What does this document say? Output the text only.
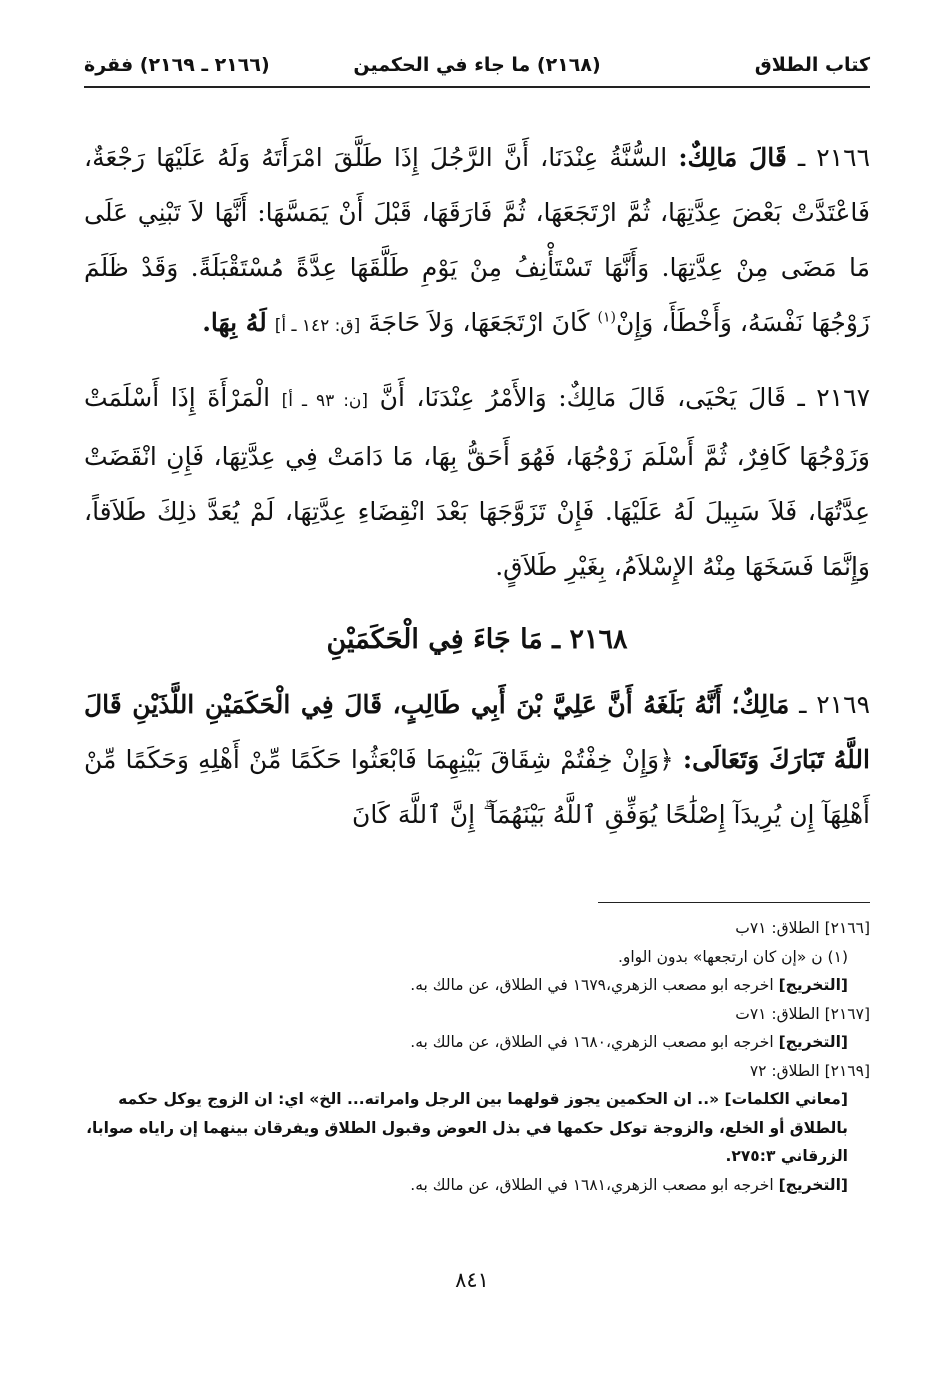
كتاب الطلاق
(٢١٦٨) ما جاء في الحكمين
(٢١٦٦ ـ ٢١٦٩) فقرة

٢١٦٦ ـ قَالَ مَالِكٌ: السُّنَّةُ عِنْدَنَا، أَنَّ الرَّجُلَ إِذَا طَلَّقَ امْرَأَتَهُ وَلَهُ عَلَيْهَا رَجْعَةٌ، فَاعْتَدَّتْ بَعْضَ عِدَّتِهَا، ثُمَّ ارْتَجَعَهَا، ثُمَّ فَارَقَهَا، قَبْلَ أَنْ يَمَسَّهَا: أَنَّهَا لاَ تَبْنِي عَلَى مَا مَضَى مِنْ عِدَّتِهَا. وَأَنَّهَا تَسْتَأْنِفُ مِنْ يَوْمِ طَلَّقَهَا عِدَّةً مُسْتَقْبَلَةً. وَقَدْ ظَلَمَ زَوْجُهَا نَفْسَهُ، وَأَخْطَأَ، وَإِنْ$^{(١)}$ كَانَ ارْتَجَعَهَا، وَلاَ حَاجَةَ [ق: ١٤٢ ـ أ] لَهُ بِهَا.

٢١٦٧ ـ قَالَ يَحْيَى، قَالَ مَالِكٌ: وَالأَمْرُ عِنْدَنَا، أَنَّ [ن: ٩٣ ـ أ] الْمَرْأَةَ إِذَا أَسْلَمَتْ وَزَوْجُهَا كَافِرٌ، ثُمَّ أَسْلَمَ زَوْجُهَا، فَهُوَ أَحَقُّ بِهَا، مَا دَامَتْ فِي عِدَّتِهَا، فَإِنِ انْقَضَتْ عِدَّتُهَا، فَلاَ سَبِيلَ لَهُ عَلَيْهَا. فَإِنْ تَزَوَّجَهَا بَعْدَ انْقِضَاءِ عِدَّتِهَا، لَمْ يُعَدَّ ذلِكَ طَلاَقاً، وَإِنَّمَا فَسَخَهَا مِنْهُ الإِسْلاَمُ، بِغَيْرِ طَلاَقٍ.

٢١٦٨ ـ مَا جَاءَ فِي الْحَكَمَيْنِ

٢١٦٩ ـ مَالِكٌ؛ أَنَّهُ بَلَغَهُ أَنَّ عَلِيَّ بْنَ أَبِي طَالِبٍ، قَالَ فِي الْحَكَمَيْنِ اللَّذَيْنِ قَالَ اللَّهُ تَبَارَكَ وَتَعَالَى: ﴿وَإِنْ خِفْتُمْ شِقَاقَ بَيْنِهِمَا فَابْعَثُوا حَكَمًا مِّنْ أَهْلِهِ وَحَكَمًا مِّنْ أَهْلِهَآ إِن يُرِيدَآ إِصْلَٰحًا يُوَفِّقِ ٱللَّهُ بَيْنَهُمَآ ۗ إِنَّ ٱللَّهَ كَانَ

[٢١٦٦] الطلاق: ٧١ب

(١) ن «إن كان ارتجعها» بدون الواو.

[التخريج] اخرجه ابو مصعب الزهري،١٦٧٩ في الطلاق، عن مالك به.

[٢١٦٧] الطلاق: ٧١ت

[التخريج] اخرجه ابو مصعب الزهري،١٦٨٠ في الطلاق، عن مالك به.

[٢١٦٩] الطلاق: ٧٢

[معاني الكلمات] «.. ان الحكمين يجوز قولهما بين الرجل وامراته... الخ» اي: ان الزوج يوكل حكمه بالطلاق أو الخلع، والزوجة توكل حكمها في بذل العوض وقبول الطلاق ويفرقان بينهما إن راياه صوابا، الزرقاني ٢٧٥:٣.

[التخريج] اخرجه ابو مصعب الزهري،١٦٨١ في الطلاق، عن مالك به.

٨٤١
